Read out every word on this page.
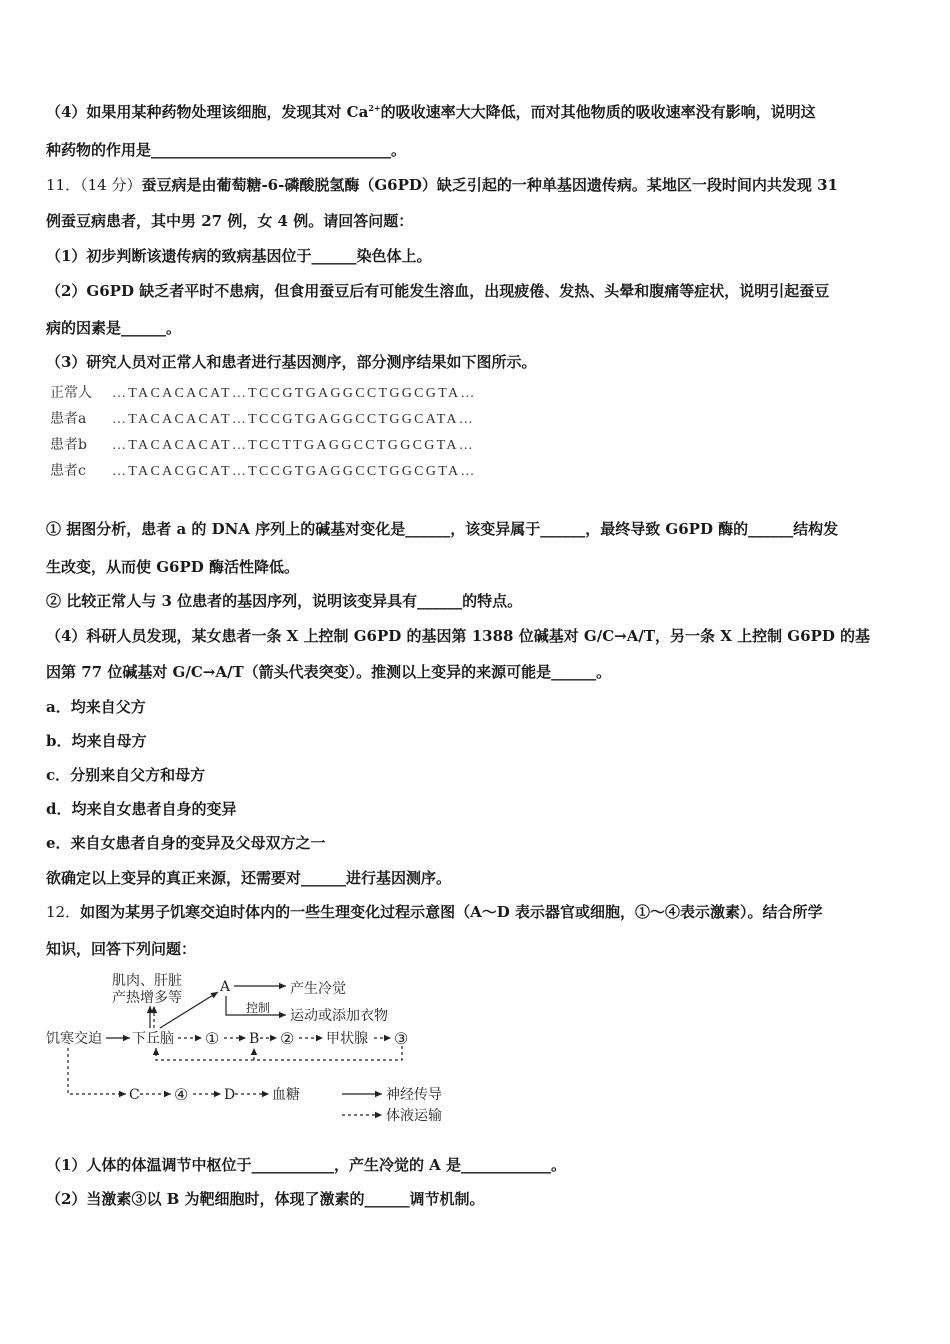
（4）如果用某种药物处理该细胞，发现其对 $Ca^{2+}$的吸收速率大大降低，而对其他物质的吸收速率没有影响，说明这
种药物的作用是________________________________。
11．（14 分）蚕豆病是由葡萄糖-6-磷酸脱氢酶（G6PD）缺乏引起的一种单基因遗传病。某地区一段时间内共发现 31
例蚕豆病患者，其中男 27 例，女 4 例。请回答问题：
（1）初步判断该遗传病的致病基因位于______染色体上。
（2）G6PD 缺乏者平时不患病，但食用蚕豆后有可能发生溶血，出现疲倦、发热、头晕和腹痛等症状，说明引起蚕豆
病的因素是______。
（3）研究人员对正常人和患者进行基因测序，部分测序结果如下图所示。
正常人 …TACACACAT…TCCGTGAGGCCTGGCGTA…
患者a …TACACACAT…TCCGTGAGGCCTGGCATA…
患者b …TACACACAT…TCCTTGAGGCCTGGCGTA…
患者c …TACACGCAT…TCCGTGAGGCCTGGCGTA…
① 据图分析，患者 a 的 DNA 序列上的碱基对变化是______，该变异属于______，最终导致 G6PD 酶的______结构发
生改变，从而使 G6PD 酶活性降低。
② 比较正常人与 3 位患者的基因序列，说明该变异具有______的特点。
（4）科研人员发现，某女患者一条 X 上控制 G6PD 的基因第 1388 位碱基对 G/C→A/T，另一条 X 上控制 G6PD 的基
因第 77 位碱基对 G/C→A/T（箭头代表突变）。推测以上变异的来源可能是______。
a．均来自父方
b．均来自母方
c．分别来自父方和母方
d．均来自女患者自身的变异
e．来自女患者自身的变异及父母双方之一
欲确定以上变异的真正来源，还需要对______进行基因测序。
12．如图为某男子饥寒交迫时体内的一些生理变化过程示意图（A～D 表示器官或细胞，①～④表示激素）。结合所学
知识，回答下列问题：
肌肉、肝脏
产热增多等
A	产生冷觉
控制 运动或添加衣物
饥寒交迫 下丘脑 ① B ② 甲状腺 ③
C ④	D	血糖	神经传导
体液运输
（1）人体的体温调节中枢位于___________，产生冷觉的 A 是____________。
（2）当激素③以 B 为靶细胞时，体现了激素的______调节机制。
